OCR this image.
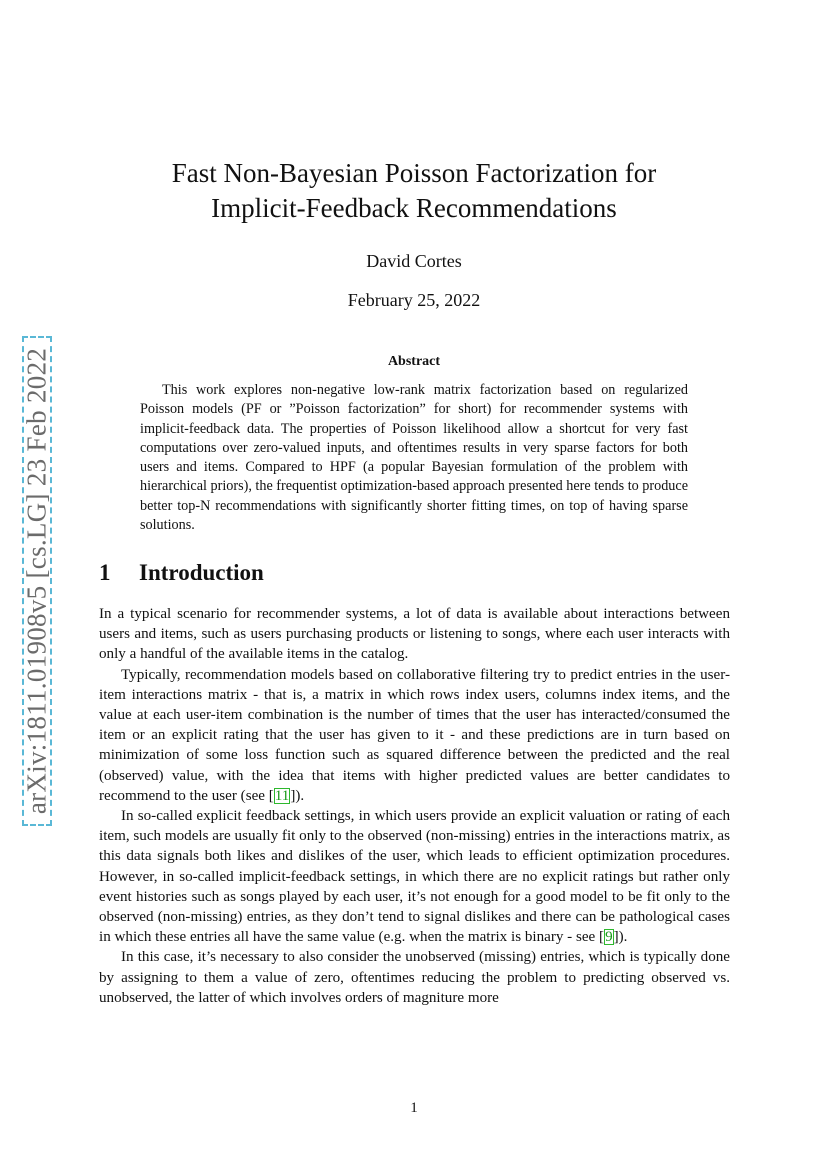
arXiv:1811.01908v5 [cs.LG] 23 Feb 2022
Fast Non-Bayesian Poisson Factorization for
Implicit-Feedback Recommendations
David Cortes
February 25, 2022
Abstract
This work explores non-negative low-rank matrix factorization based on regularized Poisson models (PF or ”Poisson factorization” for short) for recommender systems with implicit-feedback data. The properties of Poisson likelihood allow a shortcut for very fast computations over zero-valued inputs, and oftentimes results in very sparse factors for both users and items. Compared to HPF (a popular Bayesian formulation of the problem with hierarchical priors), the frequentist optimization-based approach presented here tends to produce better top-N recommendations with significantly shorter fitting times, on top of having sparse solutions.
1 Introduction

In a typical scenario for recommender systems, a lot of data is available about interactions between users and items, such as users purchasing products or listening to songs, where each user interacts with only a handful of the available items in the catalog.

Typically, recommendation models based on collaborative filtering try to predict entries in the user-item interactions matrix - that is, a matrix in which rows index users, columns index items, and the value at each user-item combination is the number of times that the user has interacted/consumed the item or an explicit rating that the user has given to it - and these predictions are in turn based on minimization of some loss function such as squared difference between the predicted and the real (observed) value, with the idea that items with higher predicted values are better candidates to recommend to the user (see [11]).

In so-called explicit feedback settings, in which users provide an explicit valuation or rating of each item, such models are usually fit only to the observed (non-missing) entries in the interactions matrix, as this data signals both likes and dislikes of the user, which leads to efficient optimization procedures. However, in so-called implicit-feedback settings, in which there are no explicit ratings but rather only event histories such as songs played by each user, it’s not enough for a good model to be fit only to the observed (non-missing) entries, as they don’t tend to signal dislikes and there can be pathological cases in which these entries all have the same value (e.g. when the matrix is binary - see [9]).

In this case, it’s necessary to also consider the unobserved (missing) entries, which is typically done by assigning to them a value of zero, oftentimes reducing the problem to predicting observed vs. unobserved, the latter of which involves orders of magniture more

1
